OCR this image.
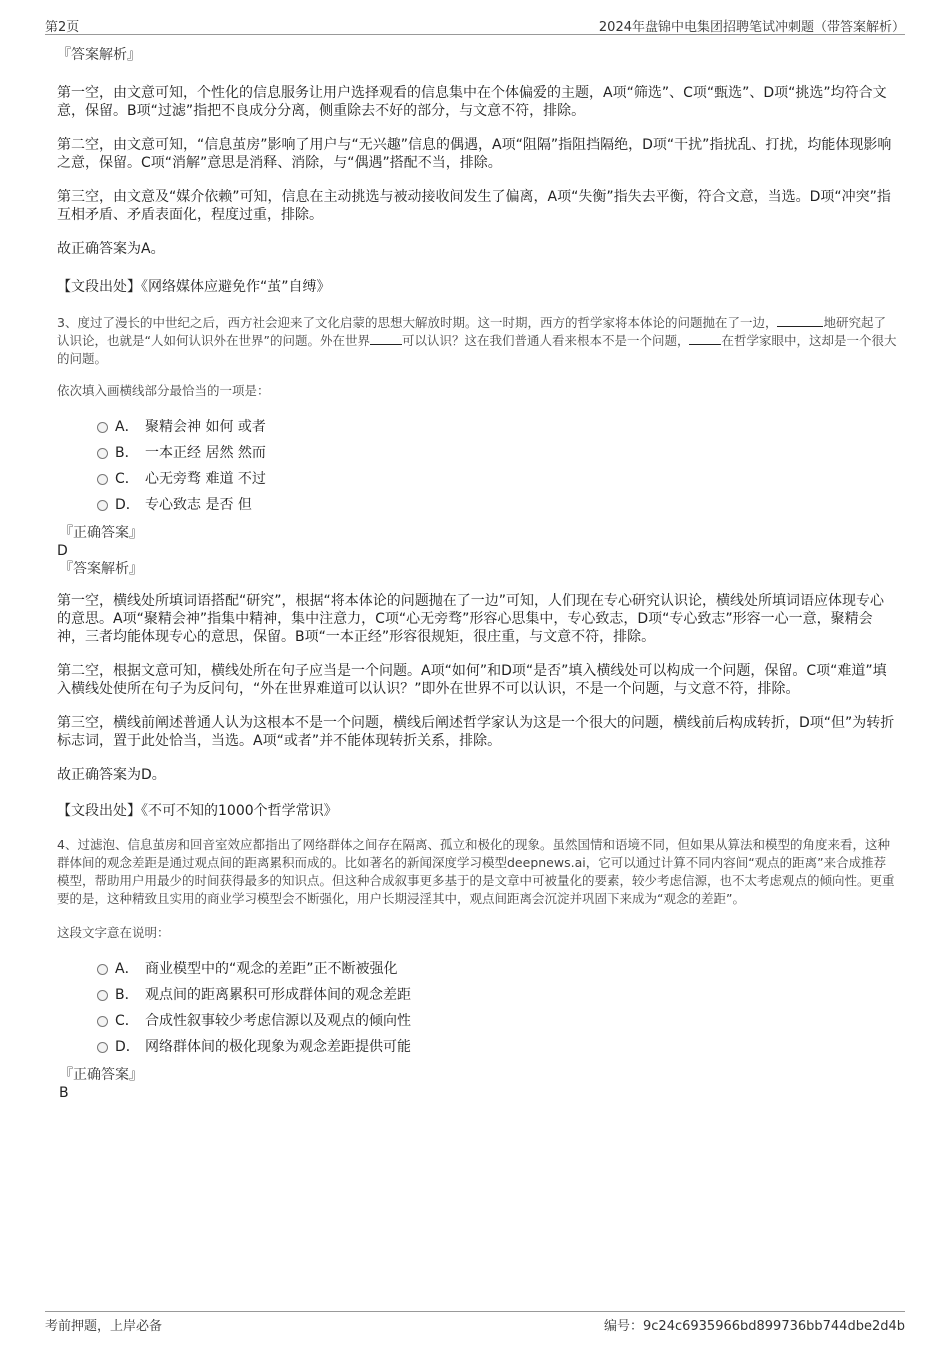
第2页	2024年盘锦中电集团招聘笔试冲刺题（带答案解析）

『答案解析』

第一空，由文意可知，个性化的信息服务让用户选择观看的信息集中在个体偏爱的主题，A项“筛选”、C项“甄选”、D项“挑选”均符合文意，保留。B项“过滤”指把不良成分分离，侧重除去不好的部分，与文意不符，排除。

第二空，由文意可知，“信息茧房”影响了用户与“无兴趣”信息的偶遇，A项“阻隔”指阻挡隔绝，D项“干扰”指扰乱、打扰，均能体现影响之意，保留。C项“消解”意思是消释、消除，与“偶遇”搭配不当，排除。

第三空，由文意及“媒介依赖”可知，信息在主动挑选与被动接收间发生了偏离，A项“失衡”指失去平衡，符合文意，当选。D项“冲突”指互相矛盾、矛盾表面化，程度过重，排除。

故正确答案为A。

【文段出处】《网络媒体应避免作“茧”自缚》

3、度过了漫长的中世纪之后，西方社会迎来了文化启蒙的思想大解放时期。这一时期，西方的哲学家将本体论的问题抛在了一边，	地研究起了认识论，也就是“人如何认识外在世界”的问题。外在世界	可以认识？这在我们普通人看来根本不是一个问题，	在哲学家眼中，这却是一个很大的问题。

依次填入画横线部分最恰当的一项是：

A． 聚精会神 如何 或者
B． 一本正经 居然 然而
C． 心无旁骛 难道 不过
D． 专心致志 是否 但

『正确答案』

D

『答案解析』

第一空，横线处所填词语搭配“研究”，根据“将本体论的问题抛在了一边”可知，人们现在专心研究认识论，横线处所填词语应体现专心的意思。A项“聚精会神”指集中精神，集中注意力，C项“心无旁骛”形容心思集中，专心致志，D项“专心致志”形容一心一意，聚精会神，三者均能体现专心的意思，保留。B项“一本正经”形容很规矩，很庄重，与文意不符，排除。

第二空，根据文意可知，横线处所在句子应当是一个问题。A项“如何”和D项“是否”填入横线处可以构成一个问题，保留。C项“难道”填入横线处使所在句子为反问句，“外在世界难道可以认识？”即外在世界不可以认识，不是一个问题，与文意不符，排除。

第三空，横线前阐述普通人认为这根本不是一个问题，横线后阐述哲学家认为这是一个很大的问题，横线前后构成转折，D项“但”为转折标志词，置于此处恰当，当选。A项“或者”并不能体现转折关系，排除。

故正确答案为D。

【文段出处】《不可不知的1000个哲学常识》

4、过滤泡、信息茧房和回音室效应都指出了网络群体之间存在隔离、孤立和极化的现象。虽然国情和语境不同，但如果从算法和模型的角度来看，这种群体间的观念差距是通过观点间的距离累积而成的。比如著名的新闻深度学习模型deepnews.ai，它可以通过计算不同内容间“观点的距离”来合成推荐模型，帮助用户用最少的时间获得最多的知识点。但这种合成叙事更多基于的是文章中可被量化的要素，较少考虑信源，也不太考虑观点的倾向性。更重要的是，这种精致且实用的商业学习模型会不断强化，用户长期浸淫其中，观点间距离会沉淀并巩固下来成为“观念的差距”。

这段文字意在说明：

A． 商业模型中的“观念的差距”正不断被强化
B． 观点间的距离累积可形成群体间的观念差距
C． 合成性叙事较少考虑信源以及观点的倾向性
D． 网络群体间的极化现象为观念差距提供可能

『正确答案』

B

考前押题，上岸必备	编号：9c24c6935966bd899736bb744dbe2d4b
